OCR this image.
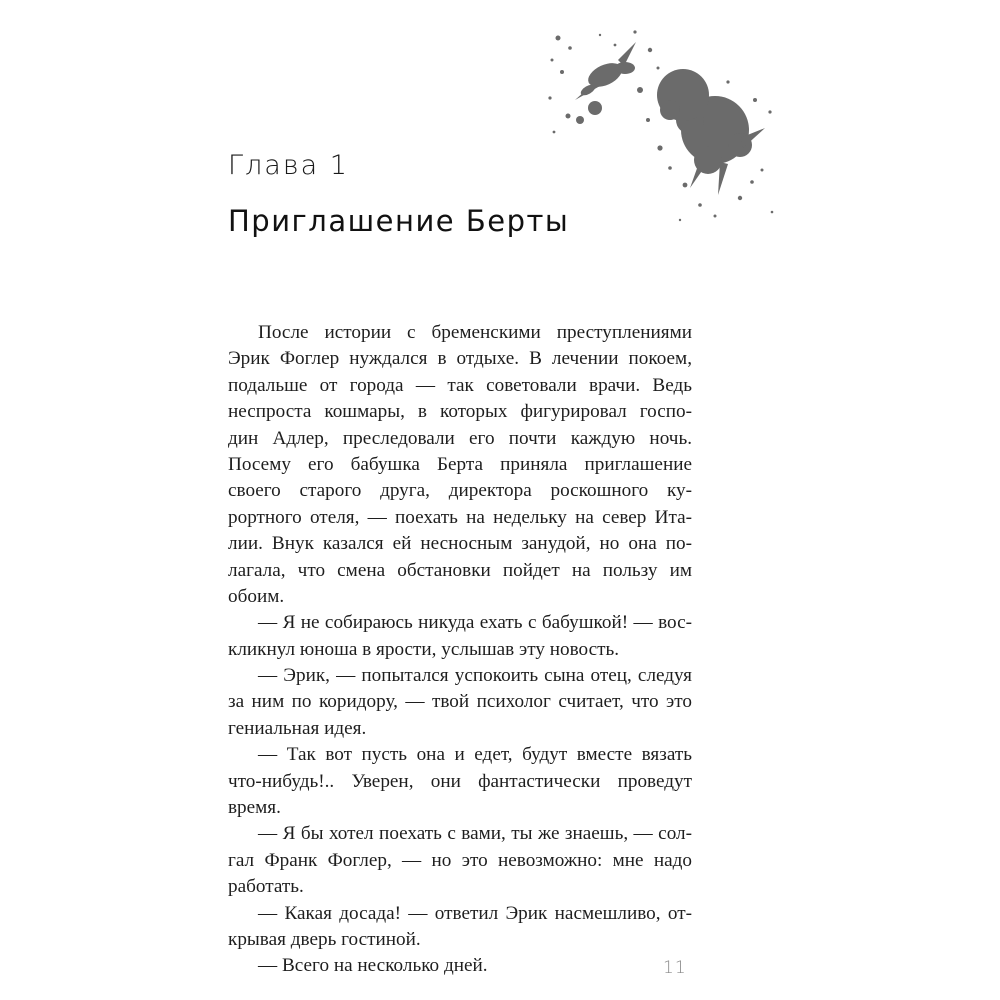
Глава 1
Приглашение Берты
После истории с бременскими преступлениями
Эрик Фоглер нуждался в отдыхе. В лечении покоем,
подальше от города — так советовали врачи. Ведь
неспроста кошмары, в которых фигурировал госпо-
дин Адлер, преследовали его почти каждую ночь.
Посему его бабушка Берта приняла приглашение
своего старого друга, директора роскошного ку-
рортного отеля, — поехать на недельку на север Ита-
лии. Внук казался ей несносным занудой, но она по-
лагала, что смена обстановки пойдет на пользу им
обоим.
— Я не собираюсь никуда ехать с бабушкой! — вос-
кликнул юноша в ярости, услышав эту новость.
— Эрик, — попытался успокоить сына отец, следуя
за ним по коридору, — твой психолог считает, что это
гениальная идея.
— Так вот пусть она и едет, будут вместе вязать
что-нибудь!.. Уверен, они фантастически проведут
время.
— Я бы хотел поехать с вами, ты же знаешь, — сол-
гал Франк Фоглер, — но это невозможно: мне надо
работать.
— Какая досада! — ответил Эрик насмешливо, от-
крывая дверь гостиной.
— Всего на несколько дней.	11
